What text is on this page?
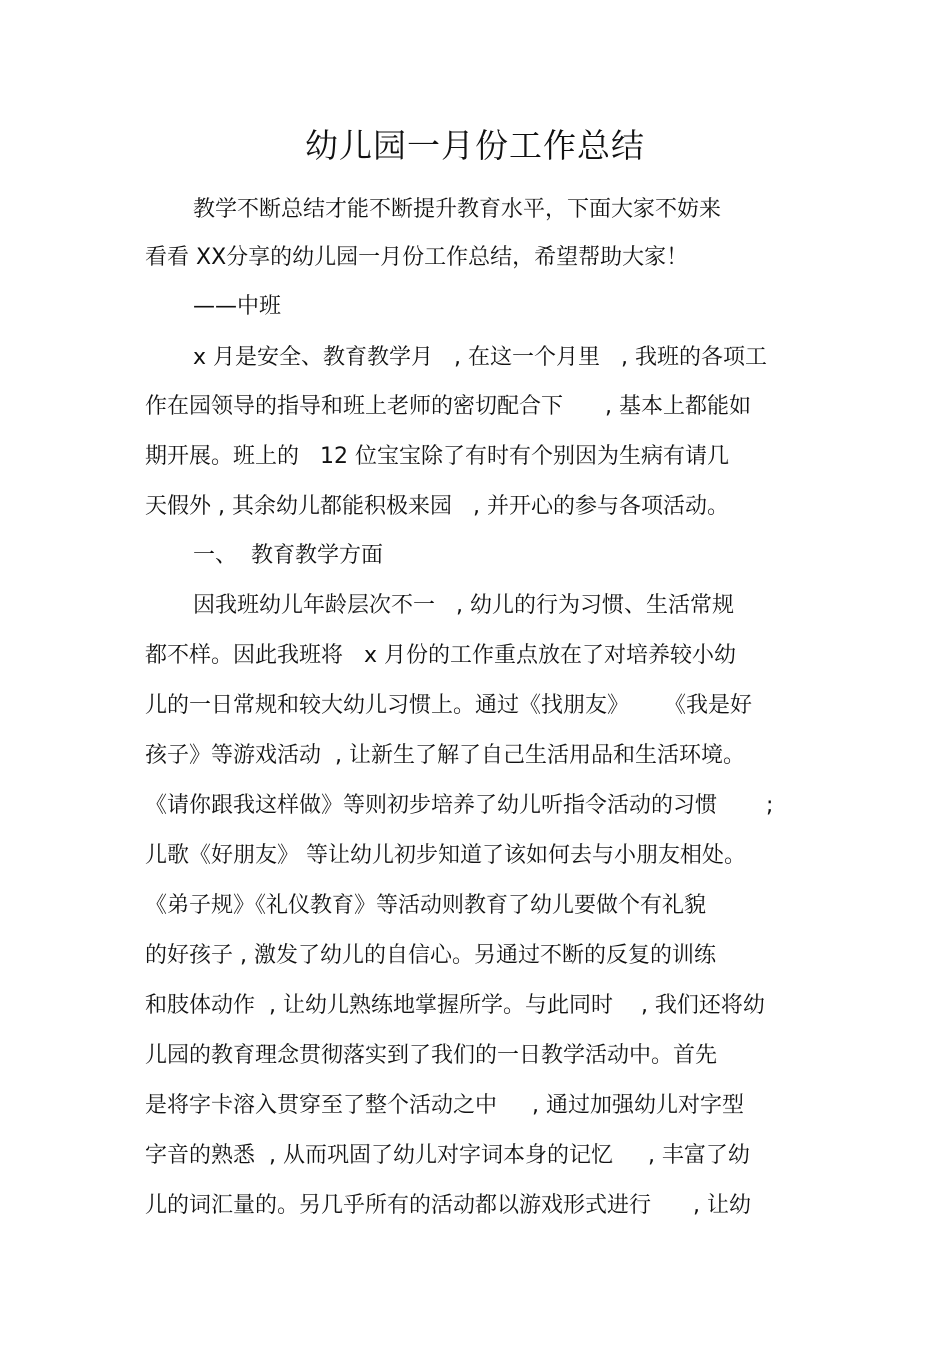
幼儿园一月份工作总结
教学不断总结才能不断提升教育水平，下面大家不妨来
看看 XX分享的幼儿园一月份工作总结，希望帮助大家！
——中班
x 月是安全、教育教学月   , 在这一个月里   , 我班的各项工
作在园领导的指导和班上老师的密切配合下      , 基本上都能如
期开展。班上的   12 位宝宝除了有时有个别因为生病有请几
天假外 , 其余幼儿都能积极来园   , 并开心的参与各项活动。
一、  教育教学方面
因我班幼儿年龄层次不一   , 幼儿的行为习惯、生活常规
都不样。因此我班将   x 月份的工作重点放在了对培养较小幼
儿的一日常规和较大幼儿习惯上。通过《找朋友》     《我是好
孩子》等游戏活动  , 让新生了解了自己生活用品和生活环境。
《请你跟我这样做》等则初步培养了幼儿听指令活动的习惯       ;
儿歌《好朋友》 等让幼儿初步知道了该如何去与小朋友相处。
《弟子规》《礼仪教育》等活动则教育了幼儿要做个有礼貌
的好孩子 , 激发了幼儿的自信心。另通过不断的反复的训练
和肢体动作  , 让幼儿熟练地掌握所学。与此同时    , 我们还将幼
儿园的教育理念贯彻落实到了我们的一日教学活动中。首先
是将字卡溶入贯穿至了整个活动之中     , 通过加强幼儿对字型
字音的熟悉  , 从而巩固了幼儿对字词本身的记忆     , 丰富了幼
儿的词汇量的。另几乎所有的活动都以游戏形式进行      , 让幼
